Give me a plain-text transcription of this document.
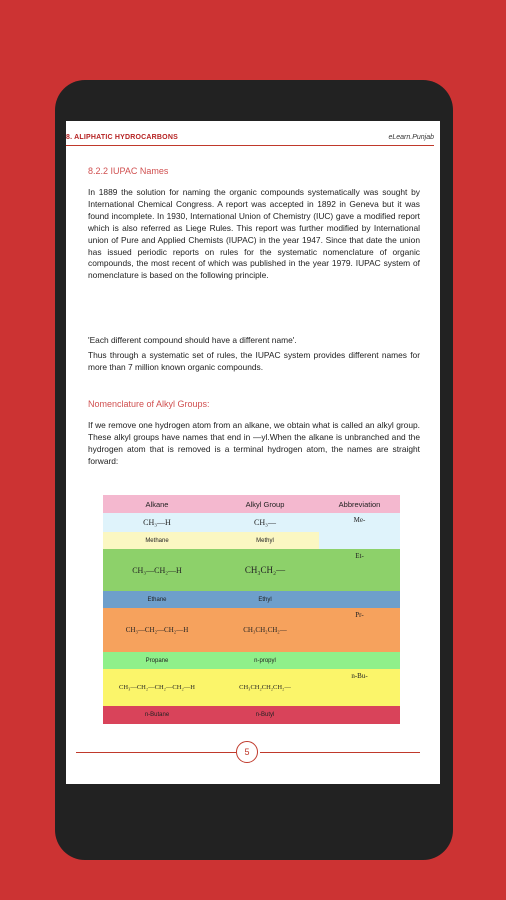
8. ALIPHATIC HYDROCARBONS	eLearn.Punjab
8.2.2 IUPAC Names
In 1889 the solution for naming the organic compounds systematically was sought by International Chemical Congress. A report was accepted in 1892 in Geneva but it was found incomplete. In 1930, International Union of Chemistry (IUC) gave a modified report which is also referred as Liege Rules. This report was further modified by International union of Pure and Applied Chemists (IUPAC) in the year 1947. Since that date the union has issued periodic reports on rules for the systematic nomenclature of organic compounds, the most recent of which was published in the year 1979. IUPAC system of nomenclature is based on the following principle.
'Each different compound should have a different name'.
Thus through a systematic set of rules, the IUPAC system provides different names for more than 7 million known organic compounds.
Nomenclature of Alkyl Groups:
If we remove one hydrogen atom from an alkane, we obtain what is called an alkyl group. These alkyl groups have names that end in —yl.When the alkane is unbranched and the hydrogen atom that is removed is a terminal hydrogen atom, the names are straight forward:
Alkane	Alkyl Group	Abbreviation
CH₃—H	CH₃—	Me-
Methane	Methyl	
CH₃—CH₂—H	CH₃CH₂—	Et-
Ethane	Ethyl	
CH₃—CH₂—CH₂—H	CH₃CH₂CH₂—	Pr-
Propane	n-propyl	
CH₃—CH₂—CH₂—CH₂—H	CH₃CH₂CH₂CH₂—	n-Bu-
n-Butane	n-Butyl	
5
